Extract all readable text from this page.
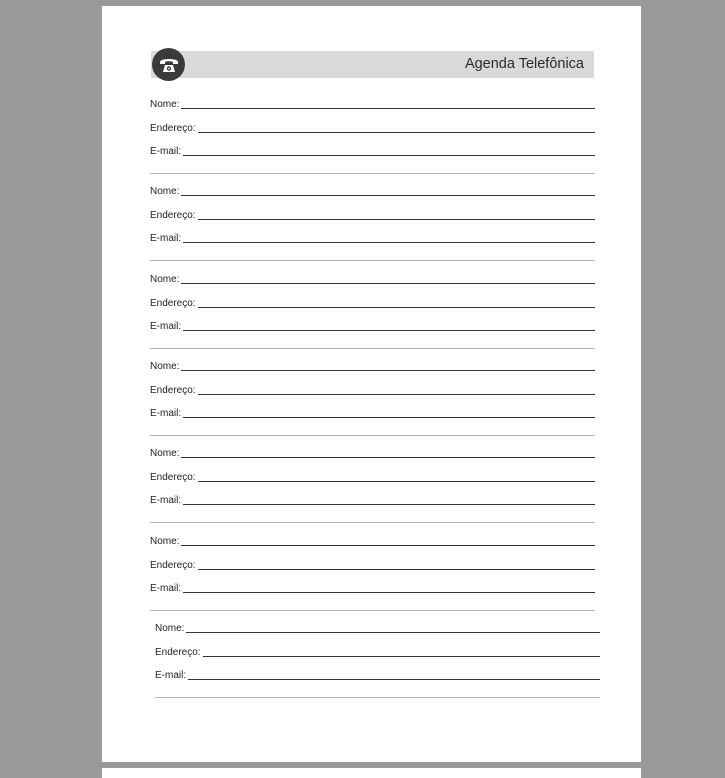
Agenda Telefônica
Nome:
Endereço:
E-mail:
Nome:
Endereço:
E-mail:
Nome:
Endereço:
E-mail:
Nome:
Endereço:
E-mail:
Nome:
Endereço:
E-mail:
Nome:
Endereço:
E-mail:
Nome:
Endereço:
E-mail:
